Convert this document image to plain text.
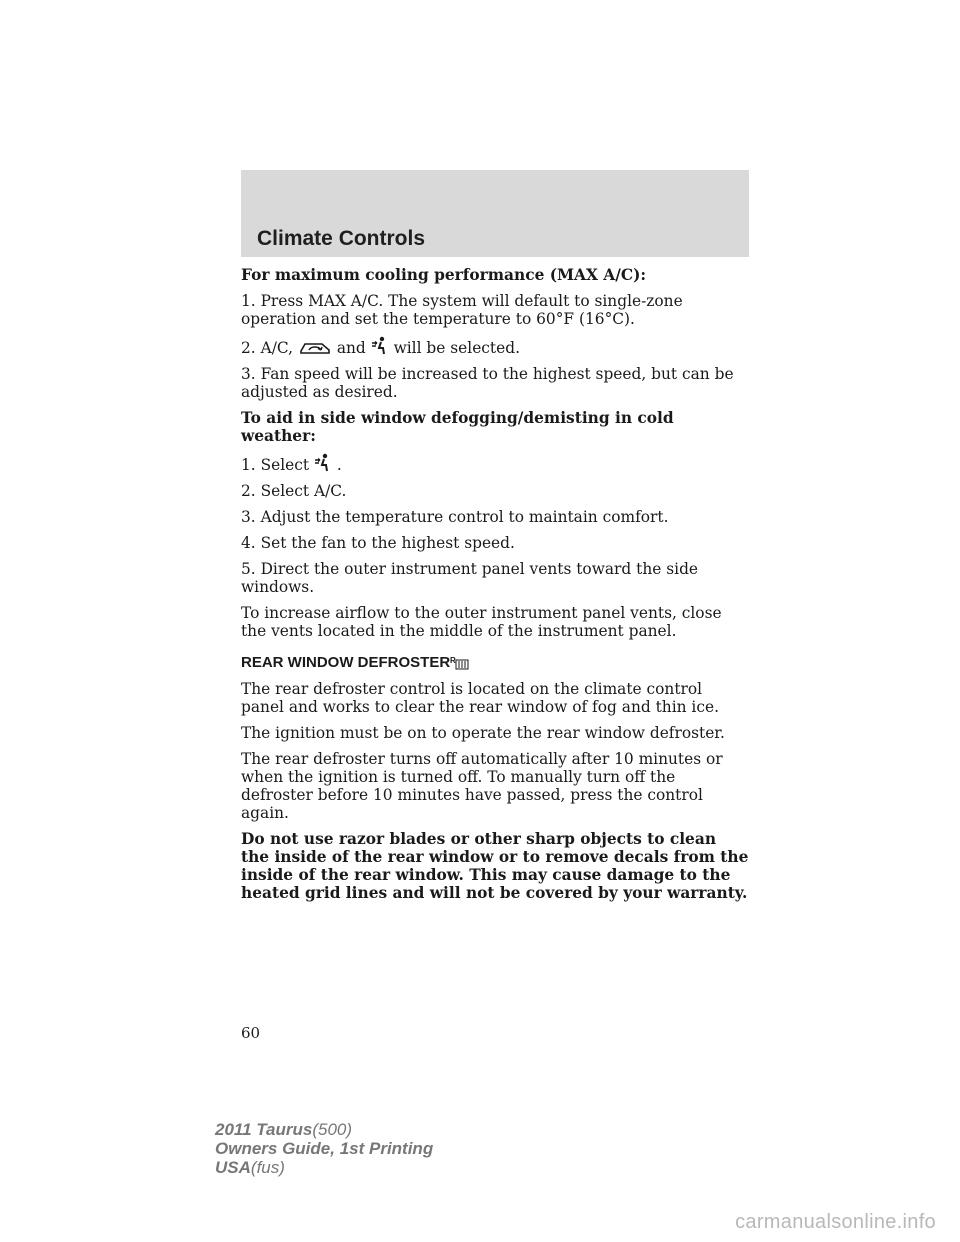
Climate Controls

For maximum cooling performance (MAX A/C):

1. Press MAX A/C. The system will default to single-zone operation and set the temperature to 60°F (16°C).

2. A/C,	and will be selected.

3. Fan speed will be increased to the highest speed, but can be adjusted as desired.

To aid in side window defogging/demisting in cold weather:

1. Select .

2. Select A/C.

3. Adjust the temperature control to maintain comfort.

4. Set the fan to the highest speed.

5. Direct the outer instrument panel vents toward the side windows.

To increase airflow to the outer instrument panel vents, close the vents located in the middle of the instrument panel.

REAR WINDOW DEFROSTER R

The rear defroster control is located on the climate control panel and works to clear the rear window of fog and thin ice.

The ignition must be on to operate the rear window defroster.

The rear defroster turns off automatically after 10 minutes or when the ignition is turned off. To manually turn off the defroster before 10 minutes have passed, press the control again.

Do not use razor blades or other sharp objects to clean the inside of the rear window or to remove decals from the inside of the rear window. This may cause damage to the heated grid lines and will not be covered by your warranty.

60
2011 Taurus(500)
Owners Guide, 1st Printing
USA(fus)
carmanualsonline.info
